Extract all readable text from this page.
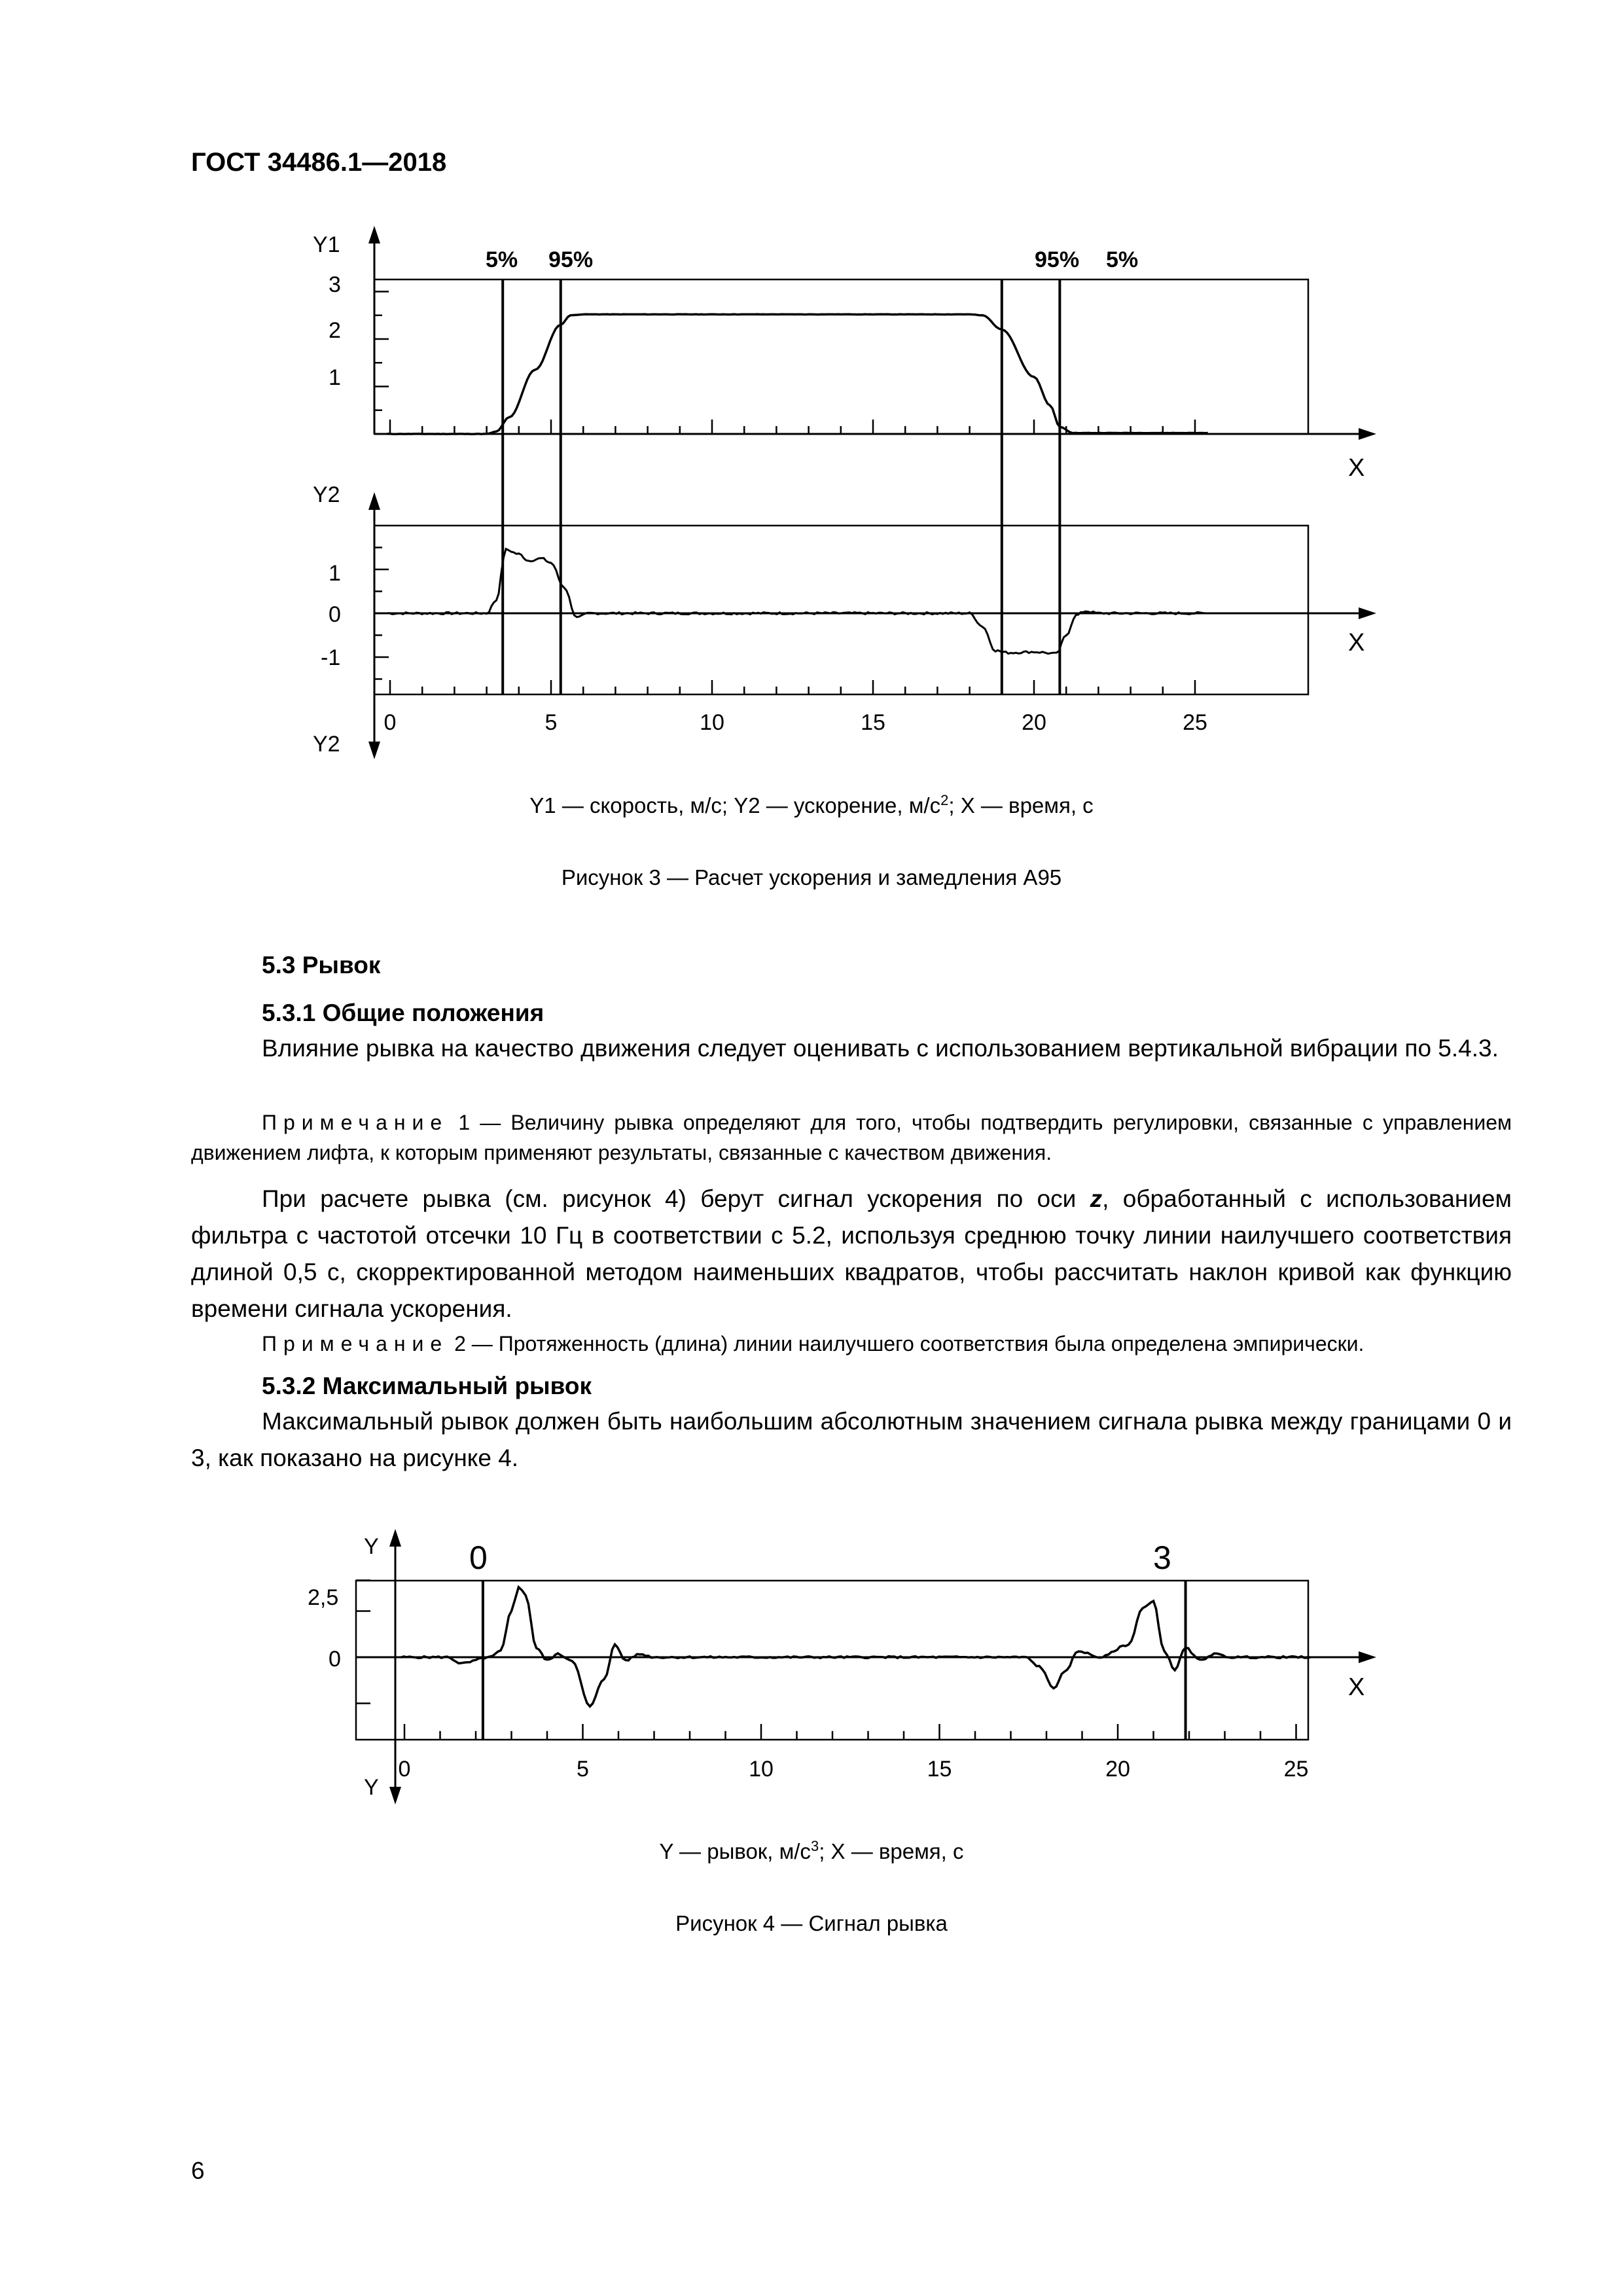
ГОСТ 34486.1—2018
Y1
3
2
1
5% 95%	95% 5%
X
Y2
1
0
-1
X
0	5	10	15	20	25
Y2
Y1 — скорость, м/с; Y2 — ускорение, $м/с^2$; X — время, с
Рисунок 3 — Расчет ускорения и замедления А95
5.3 Рывок
5.3.1 Общие положения

Влияние рывка на качество движения следует оценивать с использованием вертикальной вибрации по 5.4.3.

Примечание 1 — Величину рывка определяют для того, чтобы подтвердить регулировки, связанные с управлением движением лифта, к которым применяют результаты, связанные с качеством движения.

При расчете рывка (см. рисунок 4) берут сигнал ускорения по оси z, обработанный с использованием фильтра с частотой отсечки 10 Гц в соответствии с 5.2, используя среднюю точку линии наилучшего соответствия длиной 0,5 с, скорректированной методом наименьших квадратов, чтобы рассчитать наклон кривой как функцию времени сигнала ускорения.

Примечание 2 — Протяженность (длина) линии наилучшего соответствия была определена эмпирически.

5.3.2 Максимальный рывок

Максимальный рывок должен быть наибольшим абсолютным значением сигнала рывка между границами 0 и 3, как показано на рисунке 4.

0	3
Y
2,5
0
X
0	5	10	15	20	25
Y
Y — рывок, $м/с^3$; X — время, с
Рисунок 4 — Сигнал рывка
6
